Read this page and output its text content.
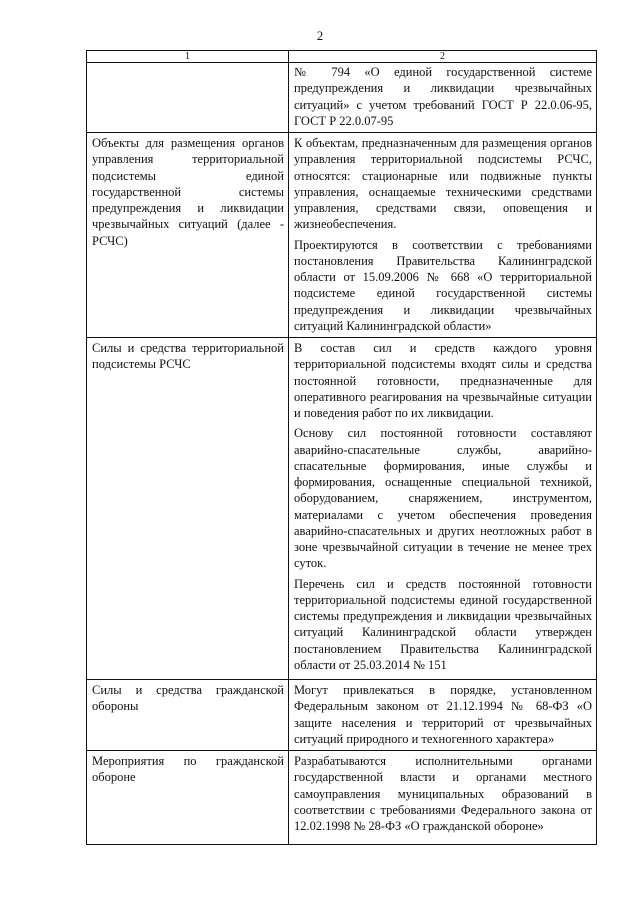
2
1	2

	№ 794 «О единой государственной системе предупреждения и ликвидации чрезвычайных ситуаций» с учетом требований ГОСТ Р 22.0.06-95, ГОСТ Р 22.0.07-95

Объекты для размещения органов управления территориальной подсистемы единой государственной системы предупреждения и ликвидации чрезвычайных ситуаций (далее - РСЧС)	К объектам, предназначенным для размещения органов управления территориальной подсистемы РСЧС, относятся: стационарные или подвижные пункты управления, оснащаемые техническими средствами управления, средствами связи, оповещения и жизнеобеспечения.

Проектируются в соответствии с требованиями постановления Правительства Калининградской области от 15.09.2006 № 668 «О территориальной подсистеме единой государственной системы предупреждения и ликвидации чрезвычайных ситуаций Калининградской области»

Силы и средства территориальной подсистемы РСЧС	В состав сил и средств каждого уровня территориальной подсистемы входят силы и средства постоянной готовности, предназначенные для оперативного реагирования на чрезвычайные ситуации и поведения работ по их ликвидации.

Основу сил постоянной готовности составляют аварийно-спасательные службы, аварийно-спасательные формирования, иные службы и формирования, оснащенные специальной техникой, оборудованием, снаряжением, инструментом, материалами с учетом обеспечения проведения аварийно-спасательных и других неотложных работ в зоне чрезвычайной ситуации в течение не менее трех суток.

Перечень сил и средств постоянной готовности территориальной подсистемы единой государственной системы предупреждения и ликвидации чрезвычайных ситуаций Калининградской области утвержден постановлением Правительства Калининградской области от 25.03.2014 № 151

Силы и средства гражданской обороны	Могут привлекаться в порядке, установленном Федеральным законом от 21.12.1994 № 68-ФЗ «О защите населения и территорий от чрезвычайных ситуаций природного и техногенного характера»

Мероприятия по гражданской обороне	Разрабатываются исполнительными органами государственной власти и органами местного самоуправления муниципальных образований в соответствии с требованиями Федерального закона от 12.02.1998 № 28-ФЗ «О гражданской обороне»
